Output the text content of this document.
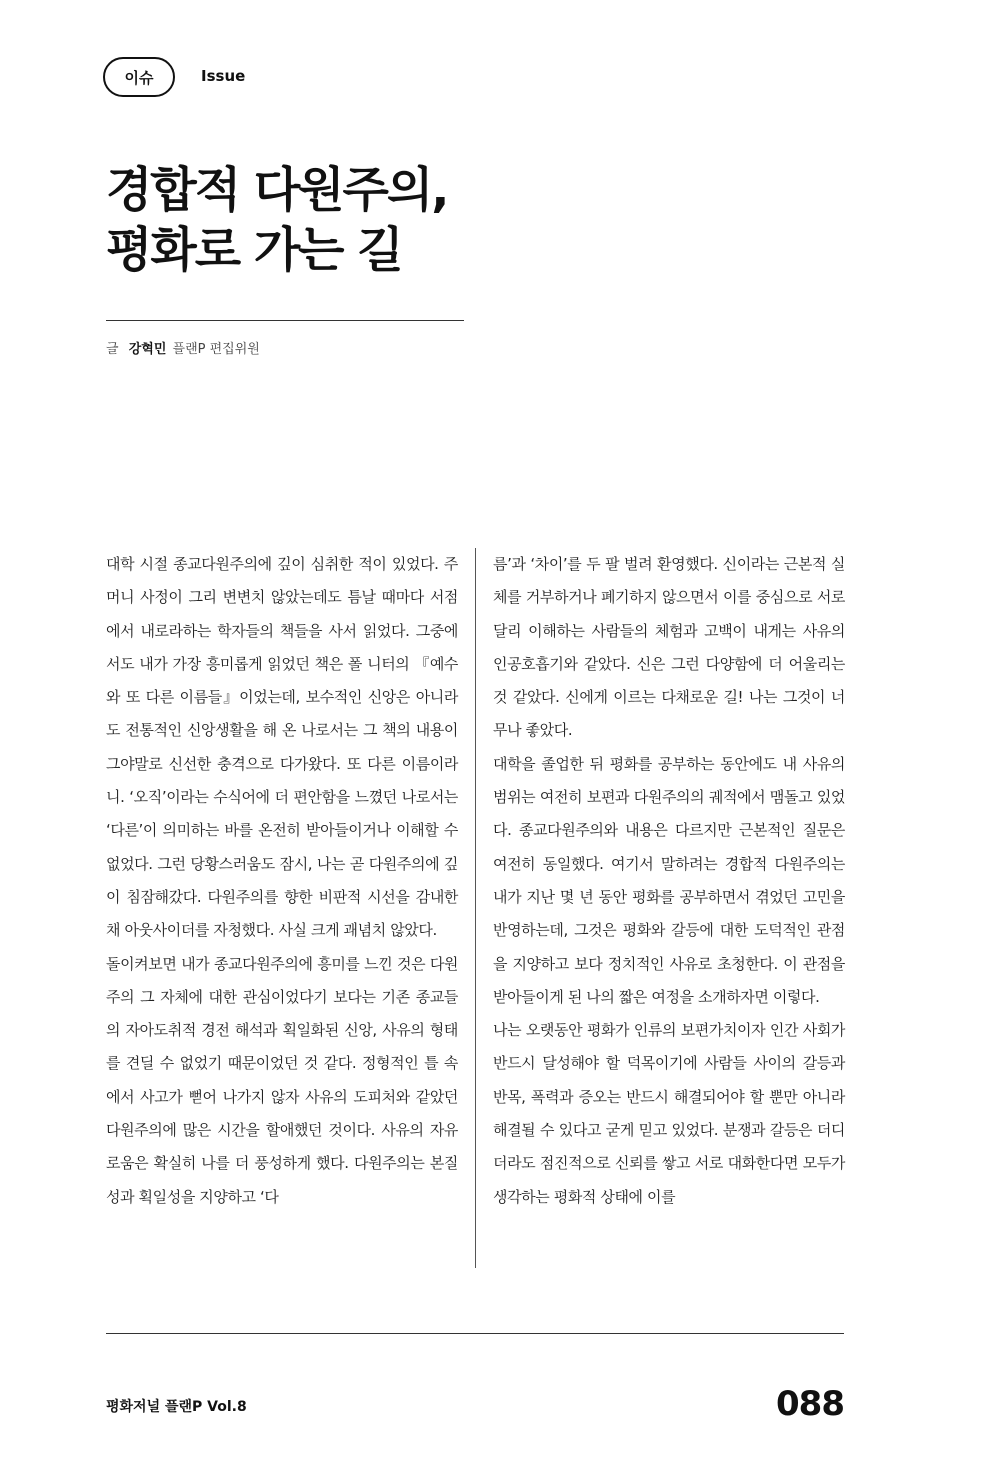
이슈	Issue
경합적 다원주의,
평화로 가는 길
글 강혁민 플랜P 편집위원

대학 시절 종교다원주의에 깊이 심취한 적이 있었다. 주머니 사정이 그리 변변치 않았는데도 틈날 때마다 서점에서 내로라하는 학자들의 책들을 사서 읽었다. 그중에서도 내가 가장 흥미롭게 읽었던 책은 폴 니터의 『예수와 또 다른 이름들』이었는데, 보수적인 신앙은 아니라도 전통적인 신앙생활을 해 온 나로서는 그 책의 내용이 그야말로 신선한 충격으로 다가왔다. 또 다른 이름이라니. ‘오직’이라는 수식어에 더 편안함을 느꼈던 나로서는 ‘다른’이 의미하는 바를 온전히 받아들이거나 이해할 수 없었다. 그런 당황스러움도 잠시, 나는 곧 다원주의에 깊이 침잠해갔다. 다원주의를 향한 비판적 시선을 감내한 채 아웃사이더를 자청했다. 사실 크게 괘념치 않았다.

돌이켜보면 내가 종교다원주의에 흥미를 느낀 것은 다원주의 그 자체에 대한 관심이었다기 보다는 기존 종교들의 자아도취적 경전 해석과 획일화된 신앙, 사유의 형태를 견딜 수 없었기 때문이었던 것 같다. 정형적인 틀 속에서 사고가 뻗어 나가지 않자 사유의 도피처와 같았던 다원주의에 많은 시간을 할애했던 것이다. 사유의 자유로움은 확실히 나를 더 풍성하게 했다. 다원주의는 본질성과 획일성을 지양하고 ‘다

름’과 ‘차이’를 두 팔 벌려 환영했다. 신이라는 근본적 실체를 거부하거나 폐기하지 않으면서 이를 중심으로 서로 달리 이해하는 사람들의 체험과 고백이 내게는 사유의 인공호흡기와 같았다. 신은 그런 다양함에 더 어울리는 것 같았다. 신에게 이르는 다채로운 길! 나는 그것이 너무나 좋았다.

대학을 졸업한 뒤 평화를 공부하는 동안에도 내 사유의 범위는 여전히 보편과 다원주의의 궤적에서 맴돌고 있었다. 종교다원주의와 내용은 다르지만 근본적인 질문은 여전히 동일했다. 여기서 말하려는 경합적 다원주의는 내가 지난 몇 년 동안 평화를 공부하면서 겪었던 고민을 반영하는데, 그것은 평화와 갈등에 대한 도덕적인 관점을 지양하고 보다 정치적인 사유로 초청한다. 이 관점을 받아들이게 된 나의 짧은 여정을 소개하자면 이렇다.

나는 오랫동안 평화가 인류의 보편가치이자 인간 사회가 반드시 달성해야 할 덕목이기에 사람들 사이의 갈등과 반목, 폭력과 증오는 반드시 해결되어야 할 뿐만 아니라 해결될 수 있다고 굳게 믿고 있었다. 분쟁과 갈등은 더디더라도 점진적으로 신뢰를 쌓고 서로 대화한다면 모두가 생각하는 평화적 상태에 이를

평화저널 플랜P Vol.8	088
